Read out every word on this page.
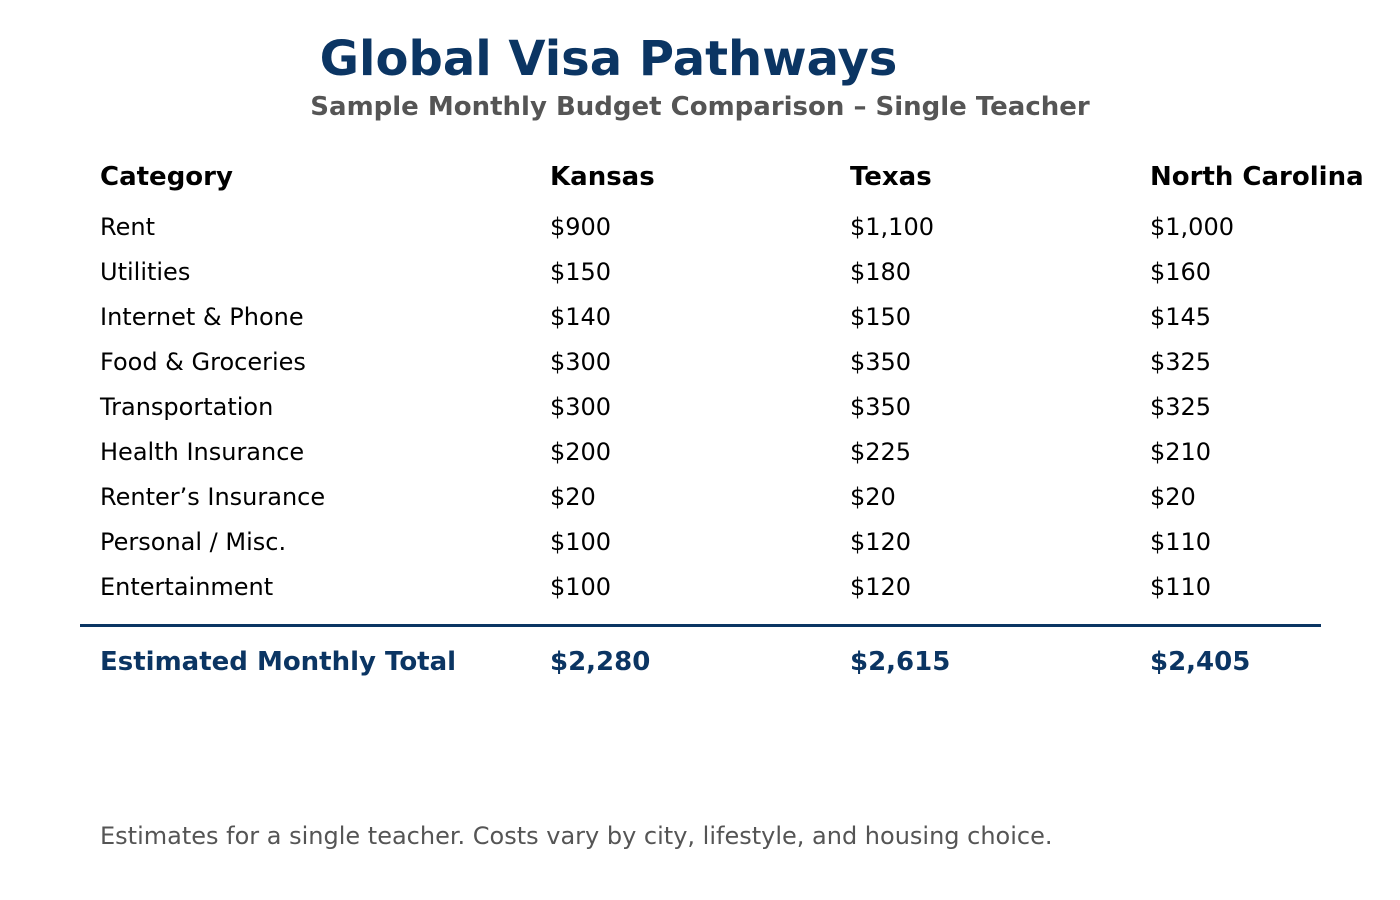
Global Visa Pathways
Sample Monthly Budget Comparison – Single Teacher
Category	Kansas	Texas	North Carolina
Rent	$900	$1,100	$1,000
Utilities	$150	$180	$160
Internet & Phone	$140	$150	$145
Food & Groceries	$300	$350	$325
Transportation	$300	$350	$325
Health Insurance	$200	$225	$210
Renter’s Insurance	$20	$20	$20
Personal / Misc.	$100	$120	$110
Entertainment	$100	$120	$110
Estimated Monthly Total	$2,280	$2,615	$2,405
Estimates for a single teacher. Costs vary by city, lifestyle, and housing choice.
